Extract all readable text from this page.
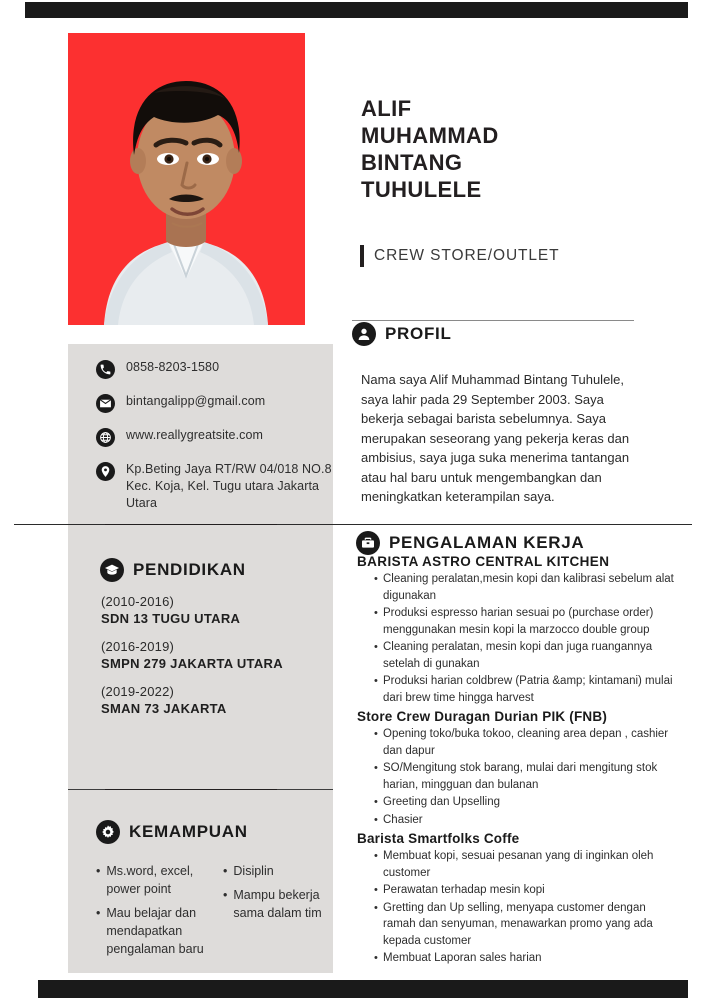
ALIF
MUHAMMAD
BINTANG
TUHULELE
CREW STORE/OUTLET
0858-8203-1580
bintangalipp@gmail.com
www.reallygreatsite.com
Kp.Beting Jaya RT/RW 04/018 NO.8 Kec. Koja, Kel. Tugu utara Jakarta Utara
PENDIDIKAN
(2010-2016)
SDN 13 TUGU UTARA
(2016-2019)
SMPN 279 JAKARTA UTARA
(2019-2022)
SMAN 73 JAKARTA
KEMAMPUAN
• Ms.word, excel, power point
• Mau belajar dan mendapatkan pengalaman baru
• Disiplin
• Mampu bekerja sama dalam tim
PROFIL
Nama saya Alif Muhammad Bintang Tuhulele, saya lahir pada 29 September 2003. Saya bekerja sebagai barista sebelumnya. Saya merupakan seseorang yang pekerja keras dan ambisius, saya juga suka menerima tantangan atau hal baru untuk mengembangkan dan meningkatkan keterampilan saya.
PENGALAMAN KERJA
BARISTA ASTRO CENTRAL KITCHEN
• Cleaning peralatan,mesin kopi dan kalibrasi sebelum alat digunakan
• Produksi espresso harian sesuai po (purchase order) menggunakan mesin kopi la marzocco double group
• Cleaning peralatan, mesin kopi dan juga ruangannya setelah di gunakan
• Produksi harian coldbrew (Patria &amp; kintamani) mulai dari brew time hingga harvest
Store Crew Duragan Durian PIK (FNB)
• Opening toko/buka tokoo, cleaning area depan , cashier dan dapur
• SO/Mengitung stok barang, mulai dari mengitung stok harian, mingguan dan bulanan
• Greeting dan Upselling
• Chasier
Barista Smartfolks Coffe
• Membuat kopi, sesuai pesanan yang di inginkan oleh customer
• Perawatan terhadap mesin kopi
• Gretting dan Up selling, menyapa customer dengan ramah dan senyuman, menawarkan promo yang ada kepada customer
• Membuat Laporan sales harian
